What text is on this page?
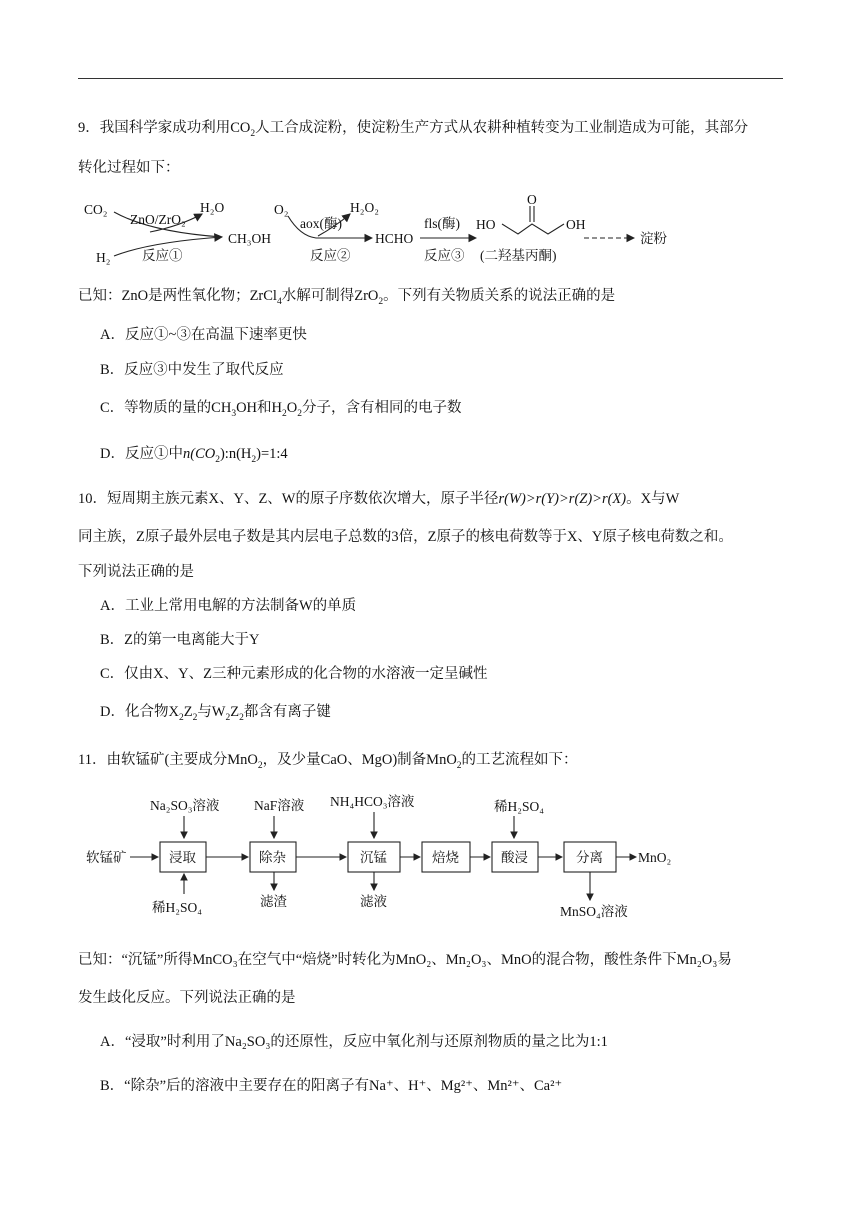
9．我国科学家成功利用$CO_2$人工合成淀粉，使淀粉生产方式从农耕种植转变为工业制造成为可能，其部分
转化过程如下：
CO₂
H₂
ZnO/ZrO₂
H₂O
反应①
CH₃OH
O₂
aox(酶)
H₂O₂
反应②
HCHO
fls(酶)
反应③
HO
O
OH
(二羟基丙酮)
淀粉
已知：ZnO是两性氧化物；ZrCl$_4$水解可制得ZrO$_2$。下列有关物质关系的说法正确的是
A．反应①~③在高温下速率更快
B．反应③中发生了取代反应
C．等物质的量的$CH_3OH$和$H_2O_2$分子，含有相同的电子数
D．反应①中$n(CO_2):n(H_2)=1:4$
10．短周期主族元素X、Y、Z、W的原子序数依次增大，原子半径r(W)>r(Y)>r(Z)>r(X)。X与W
同主族，Z原子最外层电子数是其内层电子总数的3倍，Z原子的核电荷数等于X、Y原子核电荷数之和。
下列说法正确的是
A．工业上常用电解的方法制备W的单质
B．Z的第一电离能大于Y
C．仅由X、Y、Z三种元素形成的化合物的水溶液一定呈碱性
D．化合物$X_2Z_2$与$W_2Z_2$都含有离子键
11．由软锰矿(主要成分MnO$_2$，及少量CaO、MgO)制备MnO$_2$的工艺流程如下：
Na₂SO₃溶液	NaF溶液 NH₄HCO₃溶液	稀H₂SO₄
软锰矿	浸取	除杂	沉锰	焙烧	酸浸	分离	MnO₂
稀H₂SO₄	滤渣	滤液
MnSO₄溶液
已知：“沉锰”所得MnCO₃在空气中“焙烧”时转化为MnO₂、Mn₂O₃、MnO的混合物，酸性条件下Mn₂O₃易
发生歧化反应。下列说法正确的是
A．“浸取”时利用了Na₂SO₃的还原性，反应中氧化剂与还原剂物质的量之比为1:1
B．“除杂”后的溶液中主要存在的阳离子有Na⁺、H⁺、Mg²⁺、Mn²⁺、Ca²⁺
